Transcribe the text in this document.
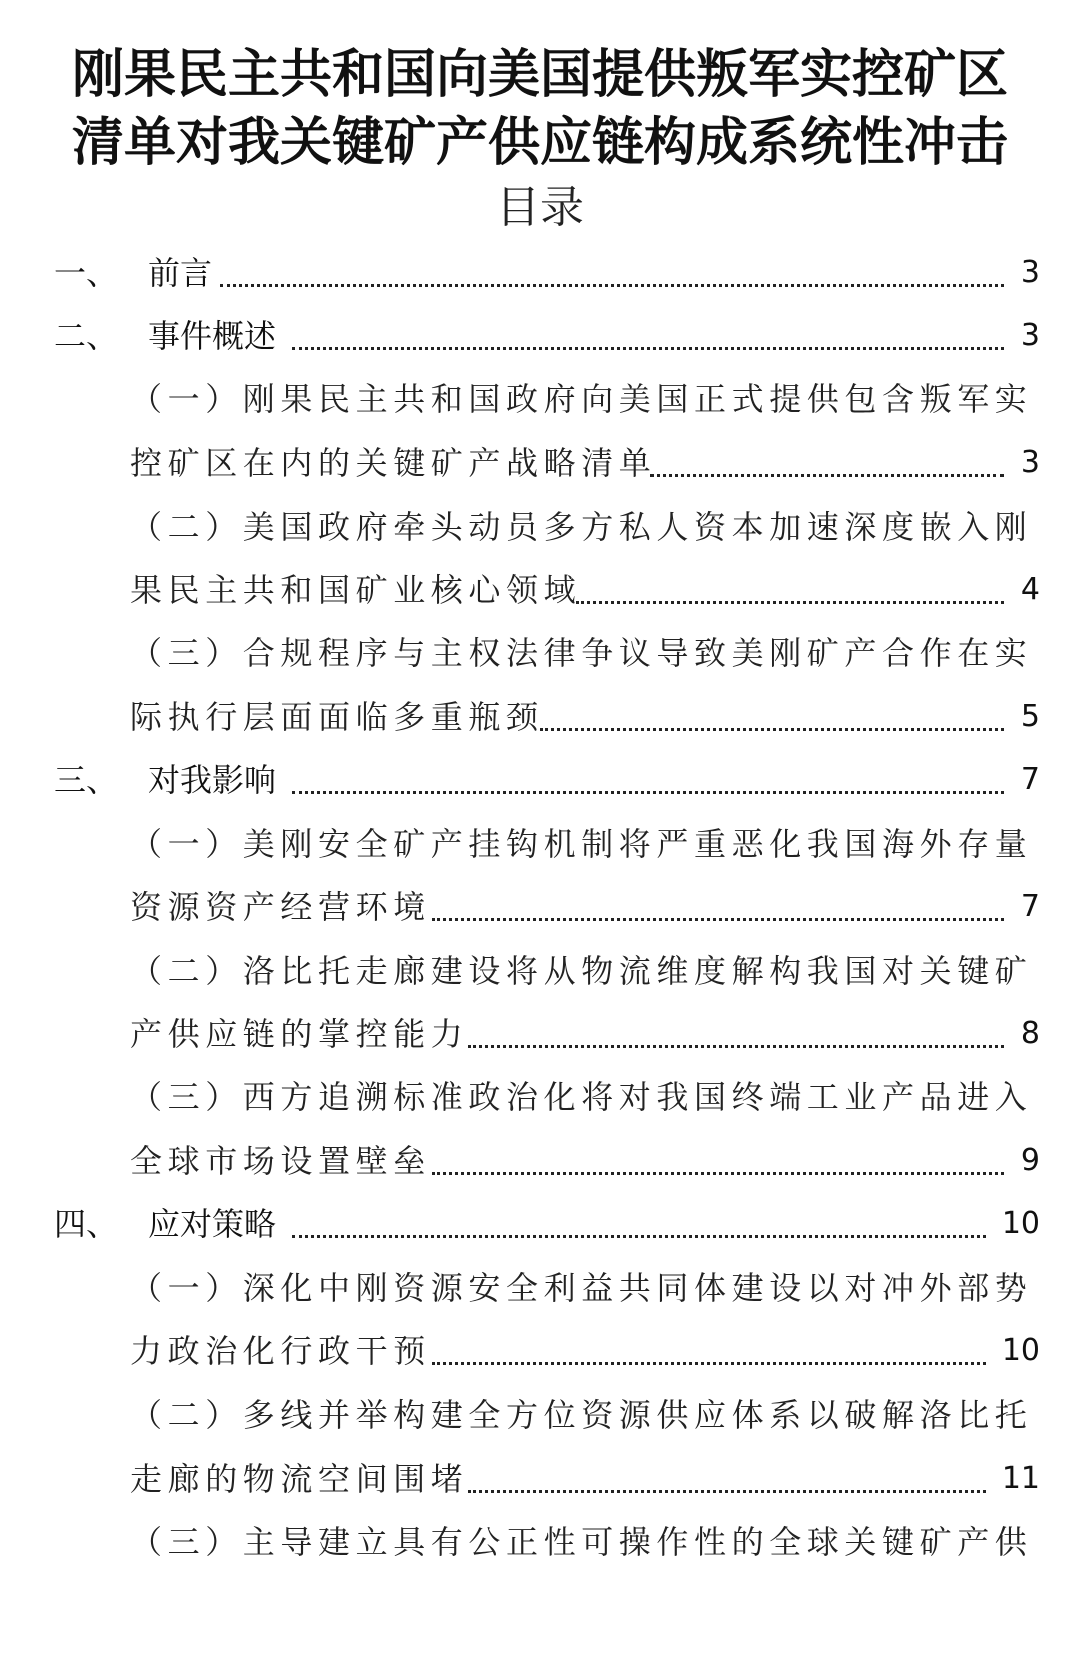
刚果民主共和国向美国提供叛军实控矿区
清单对我关键矿产供应链构成系统性冲击
目录
一、 前言	3
二、 事件概述	3
（一）刚果民主共和国政府向美国正式提供包含叛军实
控矿区在内的关键矿产战略清单	3
（二）美国政府牵头动员多方私人资本加速深度嵌入刚
果民主共和国矿业核心领域	4
（三）合规程序与主权法律争议导致美刚矿产合作在实
际执行层面面临多重瓶颈	5
三、 对我影响	7
（一）美刚安全矿产挂钩机制将严重恶化我国海外存量
资源资产经营环境	7
（二）洛比托走廊建设将从物流维度解构我国对关键矿
产供应链的掌控能力	8
（三）西方追溯标准政治化将对我国终端工业产品进入
全球市场设置壁垒	9
四、 应对策略	10
（一）深化中刚资源安全利益共同体建设以对冲外部势
力政治化行政干预	10
（二）多线并举构建全方位资源供应体系以破解洛比托
走廊的物流空间围堵	11
（三）主导建立具有公正性可操作性的全球关键矿产供
